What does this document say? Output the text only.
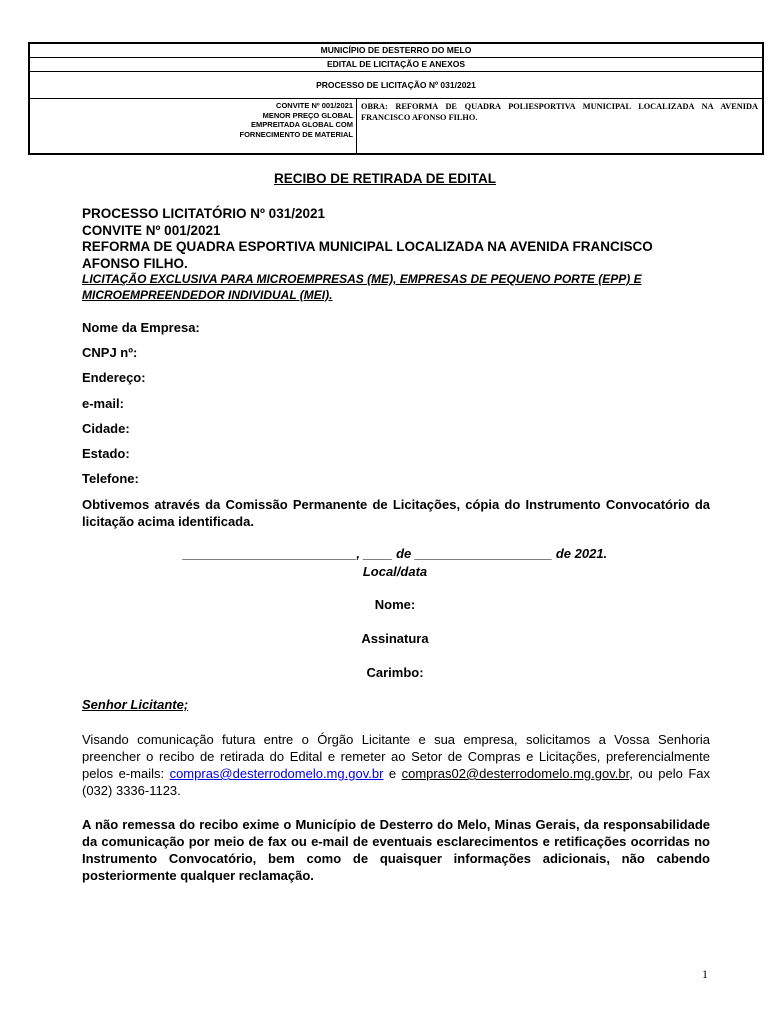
MUNICÍPIO DE DESTERRO DO MELO
EDITAL DE LICITAÇÃO E ANEXOS
PROCESSO DE LICITAÇÃO Nº 031/2021
CONVITE Nº 001/2021
MENOR PREÇO GLOBAL
EMPREITADA GLOBAL COM
FORNECIMENTO DE MATERIAL
OBRA: REFORMA DE QUADRA POLIESPORTIVA MUNICIPAL LOCALIZADA NA AVENIDA FRANCISCO AFONSO FILHO.
RECIBO DE RETIRADA DE EDITAL
PROCESSO LICITATÓRIO Nº 031/2021
CONVITE Nº 001/2021
REFORMA DE QUADRA ESPORTIVA MUNICIPAL LOCALIZADA NA AVENIDA FRANCISCO AFONSO FILHO.
LICITAÇÃO EXCLUSIVA PARA MICROEMPRESAS (ME), EMPRESAS DE PEQUENO PORTE (EPP) E MICROEMPREENDEDOR INDIVIDUAL (MEI).
Nome da Empresa:
CNPJ nº:
Endereço:
e-mail:
Cidade:
Estado:
Telefone:
Obtivemos através da Comissão Permanente de Licitações, cópia do Instrumento Convocatório da licitação acima identificada.
________________________, ____ de ___________________ de 2021.
Local/data
Nome:
Assinatura
Carimbo:
Senhor Licitante;
Visando comunicação futura entre o Órgão Licitante e sua empresa, solicitamos a Vossa Senhoria preencher o recibo de retirada do Edital e remeter ao Setor de Compras e Licitações, preferencialmente pelos e-mails: compras@desterrodomelo.mg.gov.br e compras02@desterrodomelo.mg.gov.br, ou pelo Fax (032) 3336-1123.
A não remessa do recibo exime o Município de Desterro do Melo, Minas Gerais, da responsabilidade da comunicação por meio de fax ou e-mail de eventuais esclarecimentos e retificações ocorridas no Instrumento Convocatório, bem como de quaisquer informações adicionais, não cabendo posteriormente qualquer reclamação.
1
